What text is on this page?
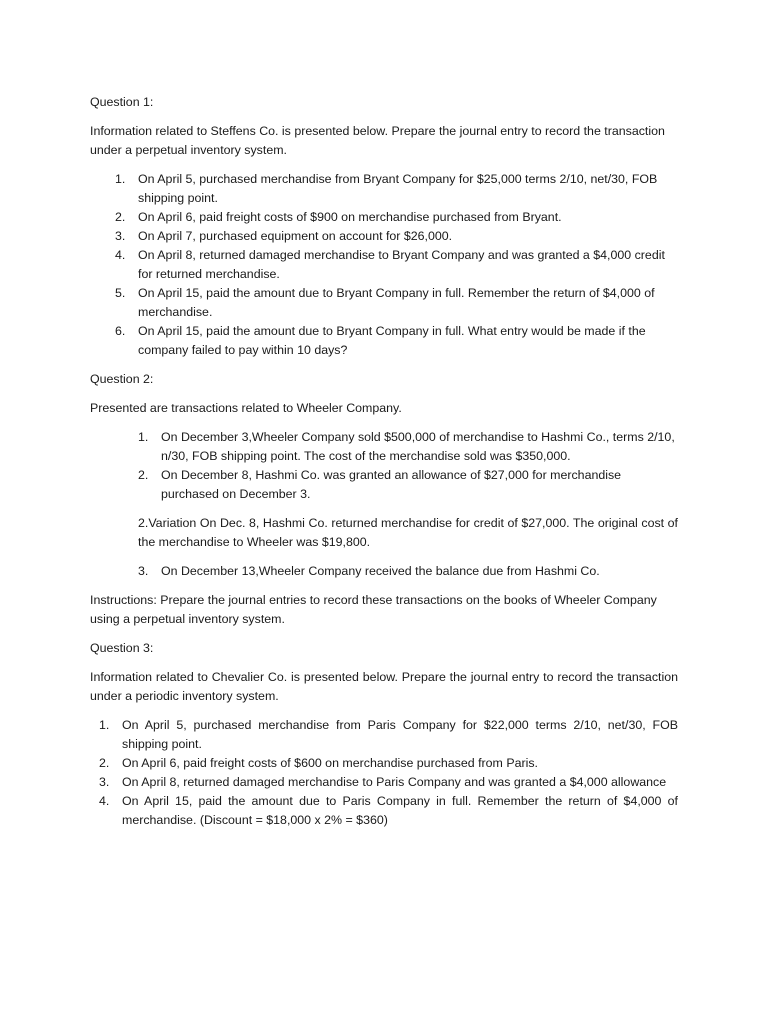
Question 1:

Information related to Steffens Co. is presented below. Prepare the journal entry to record the transaction under a perpetual inventory system.

1. On April 5, purchased merchandise from Bryant Company for $25,000 terms 2/10, net/30, FOB shipping point.
2. On April 6, paid freight costs of $900 on merchandise purchased from Bryant.
3. On April 7, purchased equipment on account for $26,000.
4. On April 8, returned damaged merchandise to Bryant Company and was granted a $4,000 credit for returned merchandise.
5. On April 15, paid the amount due to Bryant Company in full. Remember the return of $4,000 of merchandise.
6. On April 15, paid the amount due to Bryant Company in full. What entry would be made if the company failed to pay within 10 days?

Question 2:

Presented are transactions related to Wheeler Company.

1. On December 3,Wheeler Company sold $500,000 of merchandise to Hashmi Co., terms 2/10, n/30, FOB shipping point. The cost of the merchandise sold was $350,000.
2. On December 8, Hashmi Co. was granted an allowance of $27,000 for merchandise purchased on December 3.

2.Variation On Dec. 8, Hashmi Co. returned merchandise for credit of $27,000. The original cost of the merchandise to Wheeler was $19,800.

3. On December 13,Wheeler Company received the balance due from Hashmi Co.

Instructions: Prepare the journal entries to record these transactions on the books of Wheeler Company using a perpetual inventory system.

Question 3:

Information related to Chevalier Co. is presented below. Prepare the journal entry to record the transaction under a periodic inventory system.

1. On April 5, purchased merchandise from Paris Company for $22,000 terms 2/10, net/30, FOB shipping point.
2. On April 6, paid freight costs of $600 on merchandise purchased from Paris.
3. On April 8, returned damaged merchandise to Paris Company and was granted a $4,000 allowance
4. On April 15, paid the amount due to Paris Company in full. Remember the return of $4,000 of merchandise. (Discount = $18,000 x 2% = $360)
